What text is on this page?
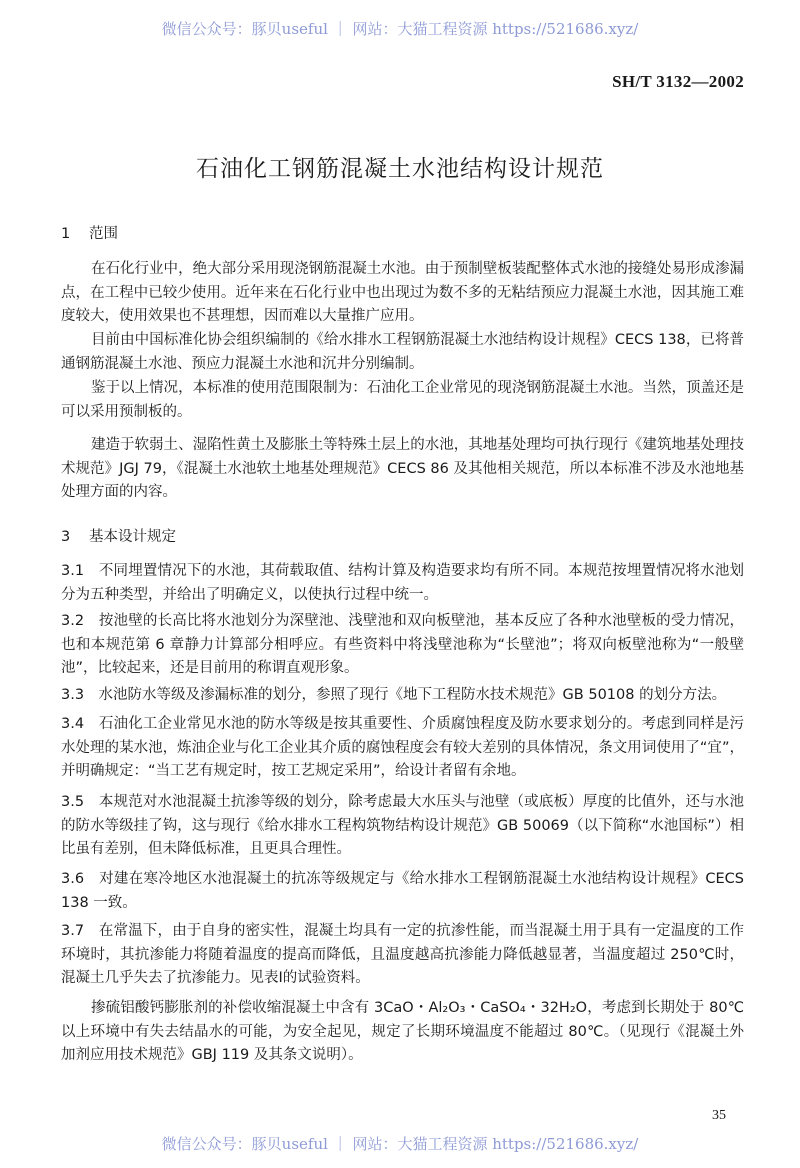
微信公众号：豚贝useful ｜ 网站：大猫工程资源 https://521686.xyz/
SH/T 3132—2002
石油化工钢筋混凝土水池结构设计规范
1 范围

在石化行业中，绝大部分采用现浇钢筋混凝土水池。由于预制壁板装配整体式水池的接缝处易形成渗漏点，在工程中已较少使用。近年来在石化行业中也出现过为数不多的无粘结预应力混凝土水池，因其施工难度较大，使用效果也不甚理想，因而难以大量推广应用。

目前由中国标准化协会组织编制的《给水排水工程钢筋混凝土水池结构设计规程》CECS 138，已将普通钢筋混凝土水池、预应力混凝土水池和沉井分别编制。

鉴于以上情况，本标准的使用范围限制为：石油化工企业常见的现浇钢筋混凝土水池。当然，顶盖还是可以采用预制板的。

建造于软弱土、湿陷性黄土及膨胀土等特殊土层上的水池，其地基处理均可执行现行《建筑地基处理技术规范》JGJ 79，《混凝土水池软土地基处理规范》CECS 86 及其他相关规范，所以本标准不涉及水池地基处理方面的内容。

3 基本设计规定

3.1　不同埋置情况下的水池，其荷载取值、结构计算及构造要求均有所不同。本规范按埋置情况将水池划分为五种类型，并给出了明确定义，以使执行过程中统一。

3.2　按池壁的长高比将水池划分为深壁池、浅壁池和双向板壁池，基本反应了各种水池壁板的受力情况，也和本规范第 6 章静力计算部分相呼应。有些资料中将浅壁池称为“长壁池”；将双向板壁池称为“一般壁池”，比较起来，还是目前用的称谓直观形象。

3.3　水池防水等级及渗漏标准的划分，参照了现行《地下工程防水技术规范》GB 50108 的划分方法。

3.4　石油化工企业常见水池的防水等级是按其重要性、介质腐蚀程度及防水要求划分的。考虑到同样是污水处理的某水池，炼油企业与化工企业其介质的腐蚀程度会有较大差别的具体情况，条文用词使用了“宜”，并明确规定：“当工艺有规定时，按工艺规定采用”，给设计者留有余地。

3.5　本规范对水池混凝土抗渗等级的划分，除考虑最大水压头与池壁（或底板）厚度的比值外，还与水池的防水等级挂了钩，这与现行《给水排水工程构筑物结构设计规范》GB 50069（以下简称“水池国标”）相比虽有差别，但未降低标准，且更具合理性。

3.6　对建在寒冷地区水池混凝土的抗冻等级规定与《给水排水工程钢筋混凝土水池结构设计规程》CECS 138 一致。

3.7　在常温下，由于自身的密实性，混凝土均具有一定的抗渗性能，而当混凝土用于具有一定温度的工作环境时，其抗渗能力将随着温度的提高而降低，且温度越高抗渗能力降低越显著，当温度超过 250℃时，混凝土几乎失去了抗渗能力。见表Ⅰ的试验资料。

掺硫铝酸钙膨胀剂的补偿收缩混凝土中含有 3CaO・Al₂O₃・CaSO₄・32H₂O，考虑到长期处于 80℃以上环境中有失去结晶水的可能，为安全起见，规定了长期环境温度不能超过 80℃。（见现行《混凝土外加剂应用技术规范》GBJ 119 及其条文说明）。

35
微信公众号：豚贝useful ｜ 网站：大猫工程资源 https://521686.xyz/
